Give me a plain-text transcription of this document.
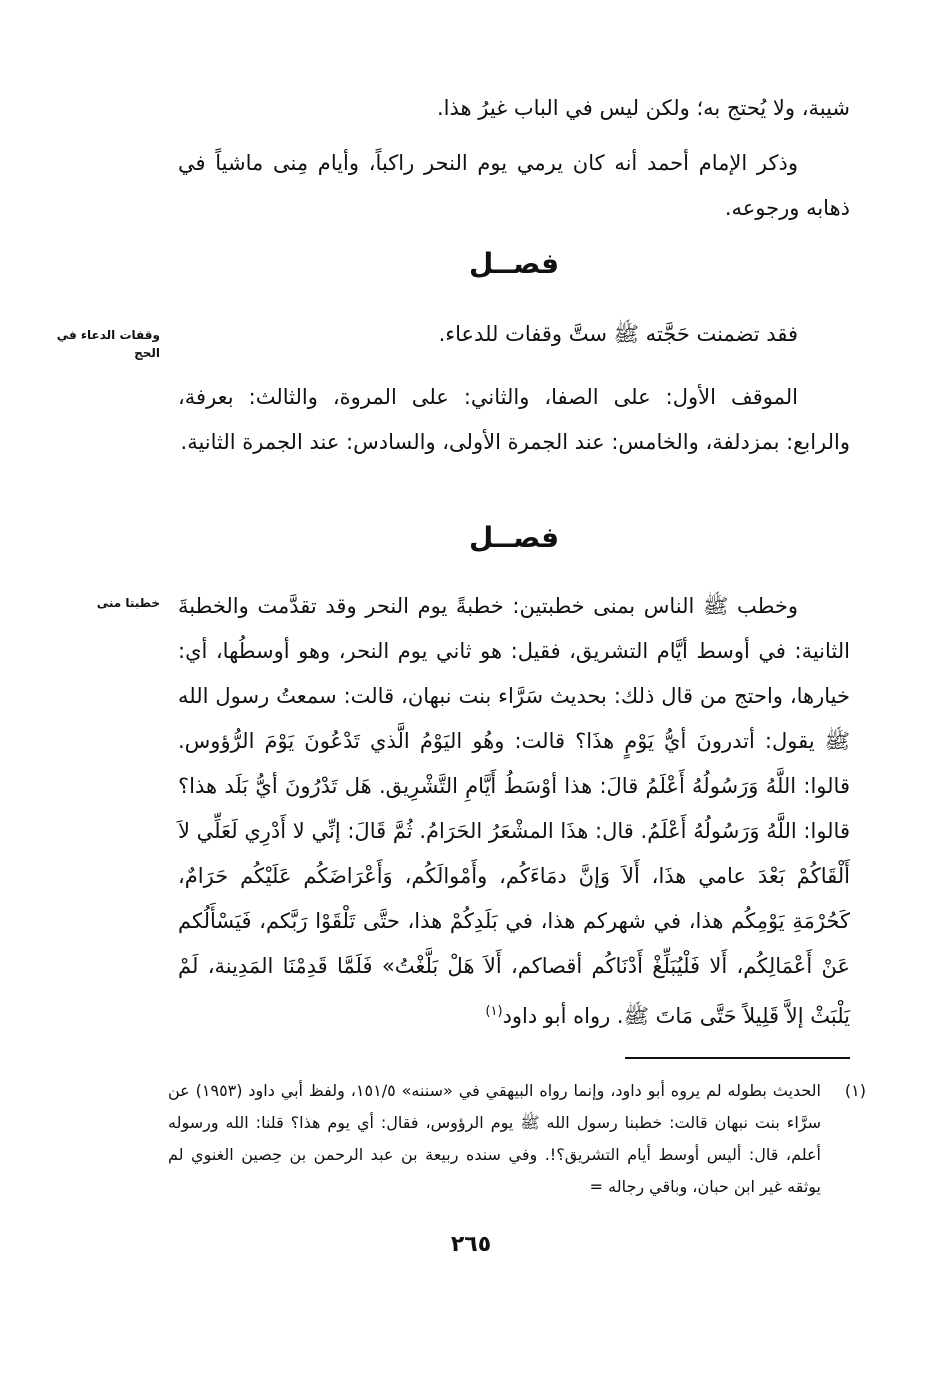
شيبة، ولا يُحتج به؛ ولكن ليس في الباب غيرُ هذا.

وذكر الإمام أحمد أنه كان يرمي يوم النحر راكباً، وأيام مِنى ماشياً في ذهابه ورجوعه.

فصــل

فقد تضمنت حَجَّته ﷺ ستَّ وقفات للدعاء.

الموقف الأول: على الصفا، والثاني: على المروة، والثالث: بعرفة، والرابع: بمزدلفة، والخامس: عند الجمرة الأولى، والسادس: عند الجمرة الثانية.

وقفات الدعاء في الحج
فصــل

وخطب ﷺ الناس بمنى خطبتين: خطبةً يوم النحر وقد تقدَّمت والخطبةَ الثانية: في أوسط أيَّام التشريق، فقيل: هو ثاني يوم النحر، وهو أوسطُها، أي: خيارها، واحتج من قال ذلك: بحديث سَرَّاء بنت نبهان، قالت: سمعتُ رسول الله ﷺ يقول: أتدرونَ أيُّ يَوْمٍ هذَا؟ قالت: وهُو اليَوْمُ الَّذي تَدْعُونَ يَوْمَ الرُّؤوس. قالوا: اللَّهُ وَرَسُولُهُ أَعْلَمُ قالَ: هذا أوْسَطُ أَيَّامِ التَّشْرِيق. هَل تَدْرُونَ أيُّ بَلَد هذا؟ قالوا: اللَّهُ وَرَسُولُهُ أَعْلَمُ. قال: هذَا المشْعَرُ الحَرَامُ. ثُمَّ قَالَ: إنِّي لا أَدْرِي لَعَلِّي لاَ أَلْقَاكُمْ بَعْدَ عامي هذَا، أَلاَ وَإنَّ دمَاءَكُم، وأَمْوالَكُم، وَأَعْرَاضَكُم عَلَيْكُم حَرَامٌ، كَحُرْمَةِ يَوْمِكُم هذا، في شهركم هذا، في بَلَدِكُمْ هذا، حتَّى تَلْقَوْا رَبَّكم، فَيَسْأَلُكم عَنْ أَعْمَالِكُم، أَلا فَلْيُبَلِّغْ أَدْنَاكُم أقصاكم، أَلاَ هَلْ بَلَّغْتُ» فَلَمَّا قَدِمْنَا المَدِينة، لَمْ يَلْبَثْ إلاَّ قَلِيلاً حَتَّى مَاتَ ﷺ. رواه أبو داود$^{(١)}$

خطبتا منى
(١)
الحديث بطوله لم يروه أبو داود، وإنما رواه البيهقي في «سننه» ١٥١/٥، ولفظ أبي داود (١٩٥٣) عن سرَّاء بنت نبهان قالت: خطبنا رسول الله ﷺ يوم الرؤوس، فقال: أي يوم هذا؟ قلنا: الله ورسوله أعلم، قال: أليس أوسط أيام التشريق؟!. وفي سنده ربيعة بن عبد الرحمن بن حِصين الغنوي لم يوثقه غير ابن حبان، وباقي رجاله =
٢٦٥
